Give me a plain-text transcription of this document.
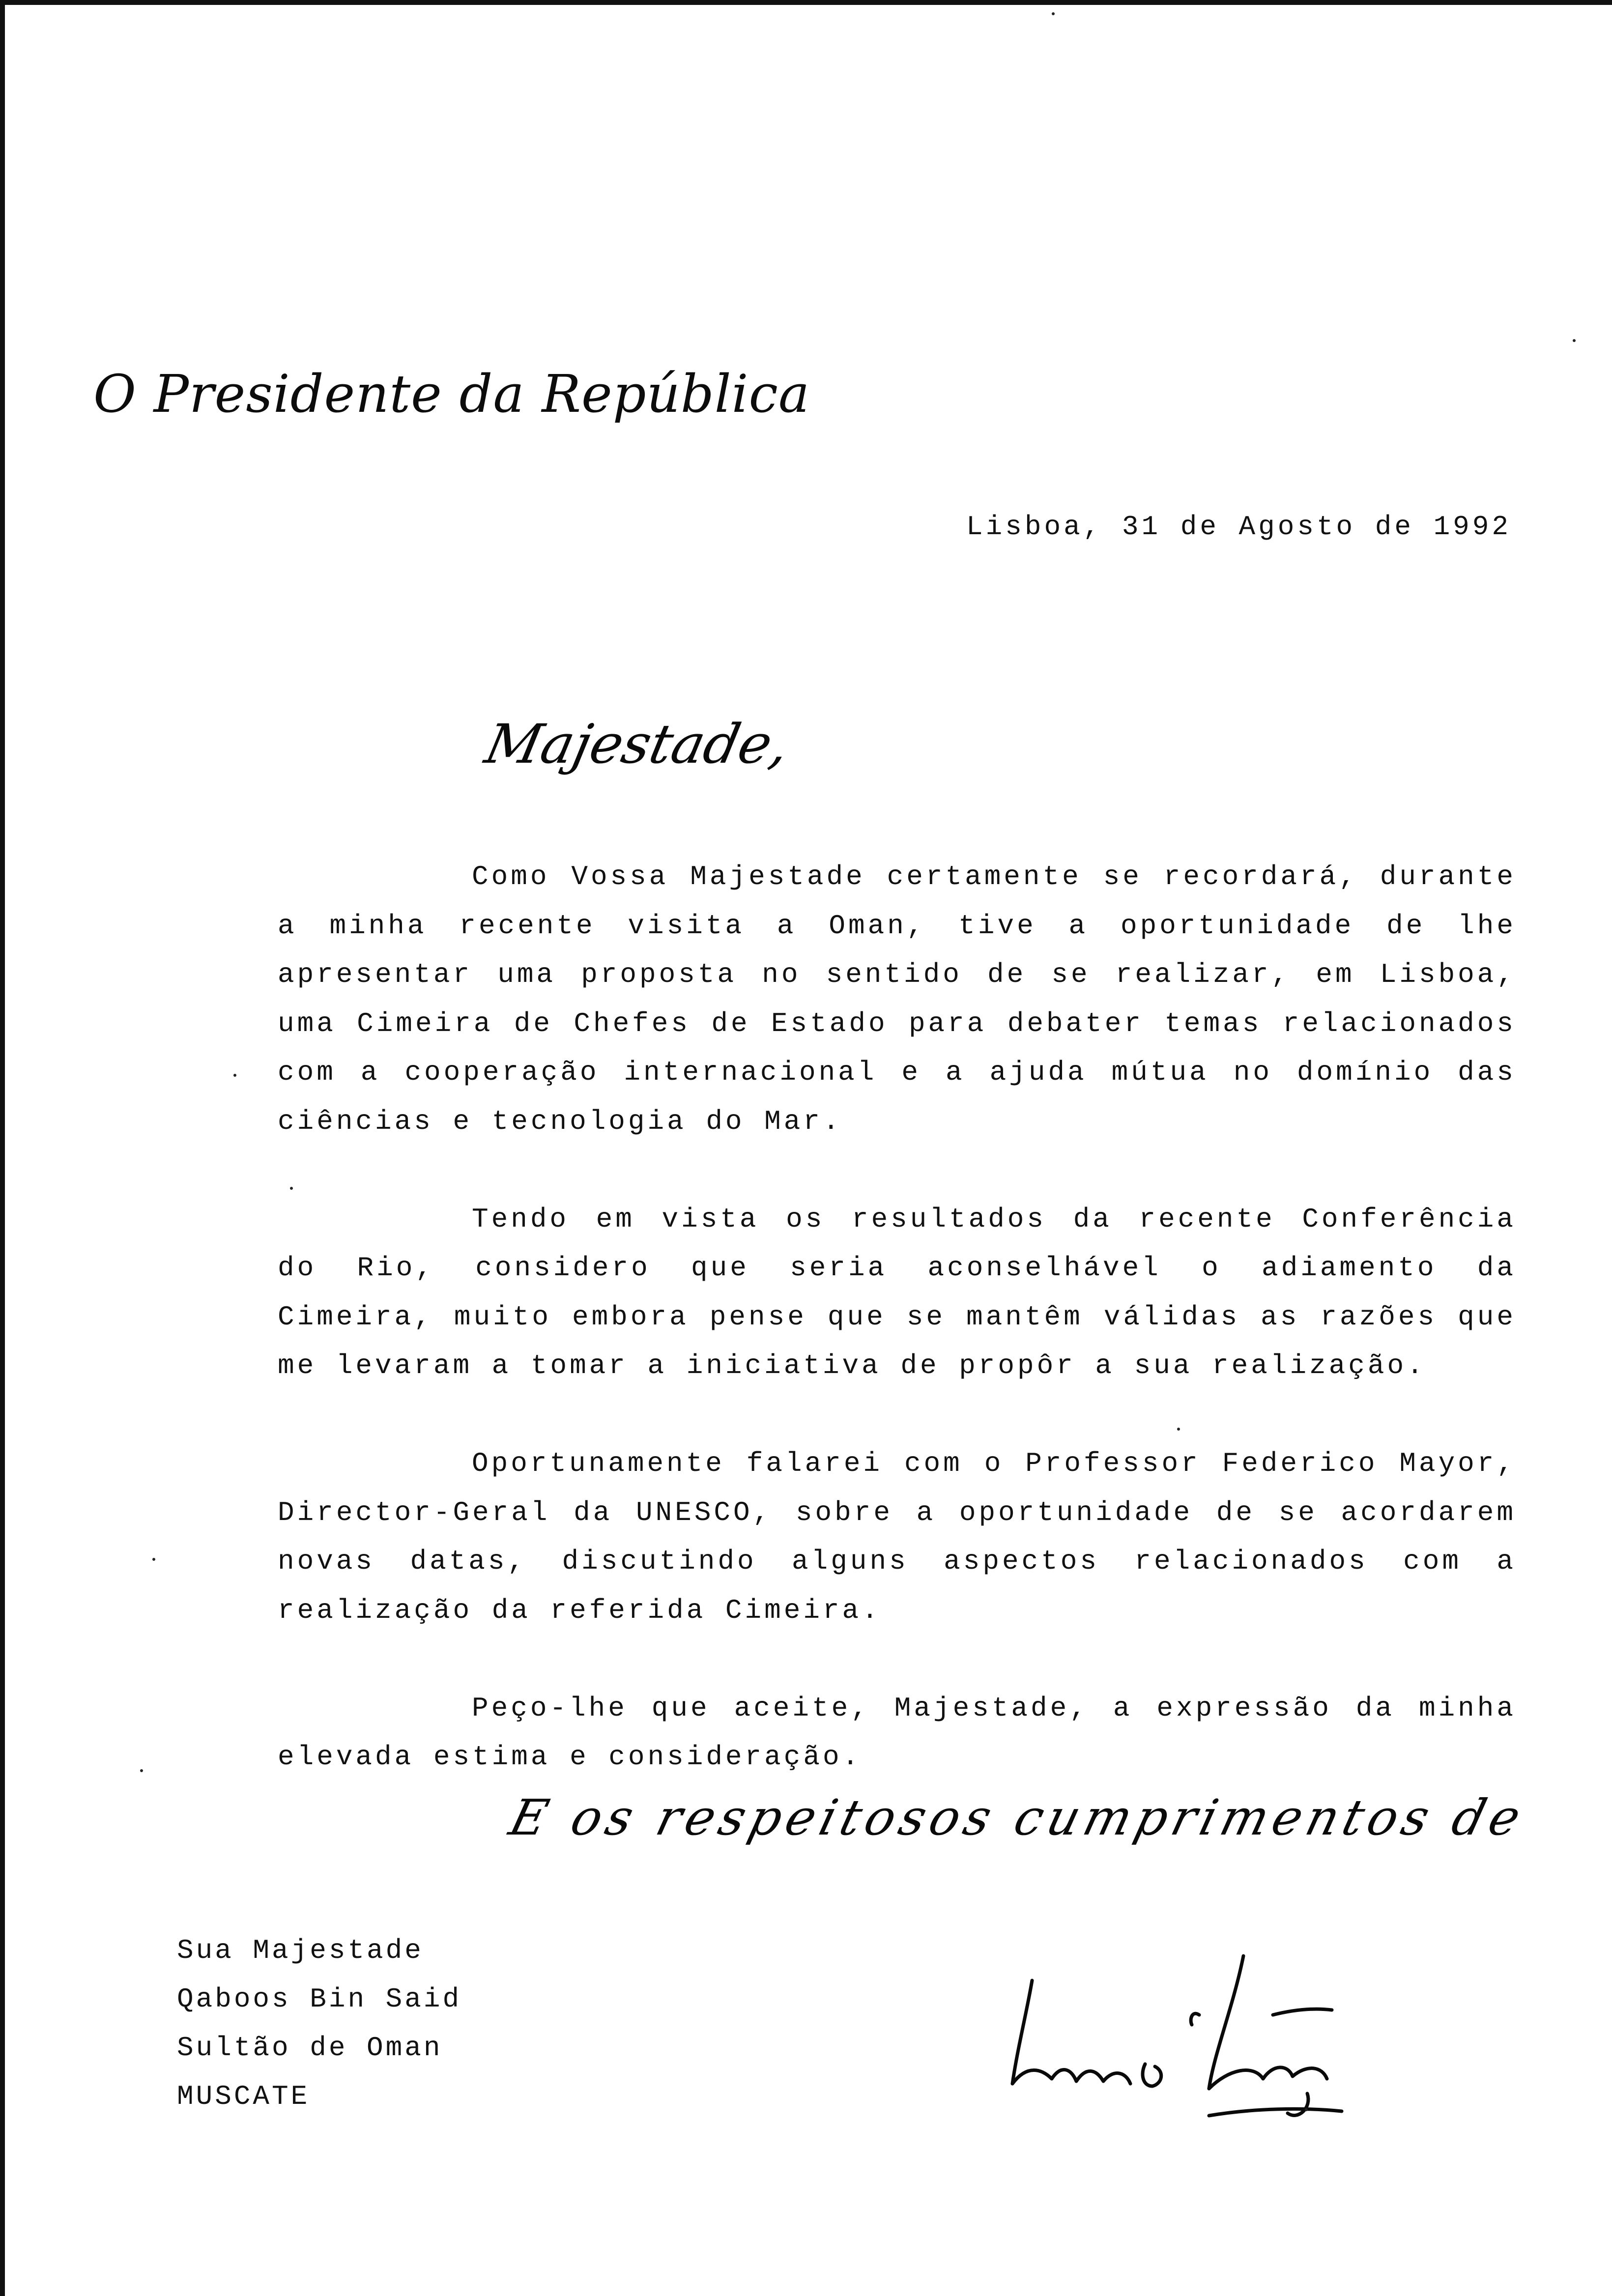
O Presidente da República
Lisboa, 31 de Agosto de 1992
Majestade,

Como Vossa Majestade certamente se recordará, durante a minha recente visita a Oman, tive a oportunidade de lhe apresentar uma proposta no sentido de se realizar, em Lisboa, uma Cimeira de Chefes de Estado para debater temas relacionados com a cooperação internacional e a ajuda mútua no domínio das ciências e tecnologia do Mar.

Tendo em vista os resultados da recente Conferência do Rio, considero que seria aconselhável o adiamento da Cimeira, muito embora pense que se mantêm válidas as razões que me levaram a tomar a iniciativa de propôr a sua realização.

Oportunamente falarei com o Professor Federico Mayor, Director-Geral da UNESCO, sobre a oportunidade de se acordarem novas datas, discutindo alguns aspectos relacionados com a realização da referida Cimeira.

Peço-lhe que aceite, Majestade, a expressão da minha elevada estima e consideração.

E os respeitosos cumprimentos de
Sua Majestade
Qaboos Bin Said
Sultão de Oman
MUSCATE
